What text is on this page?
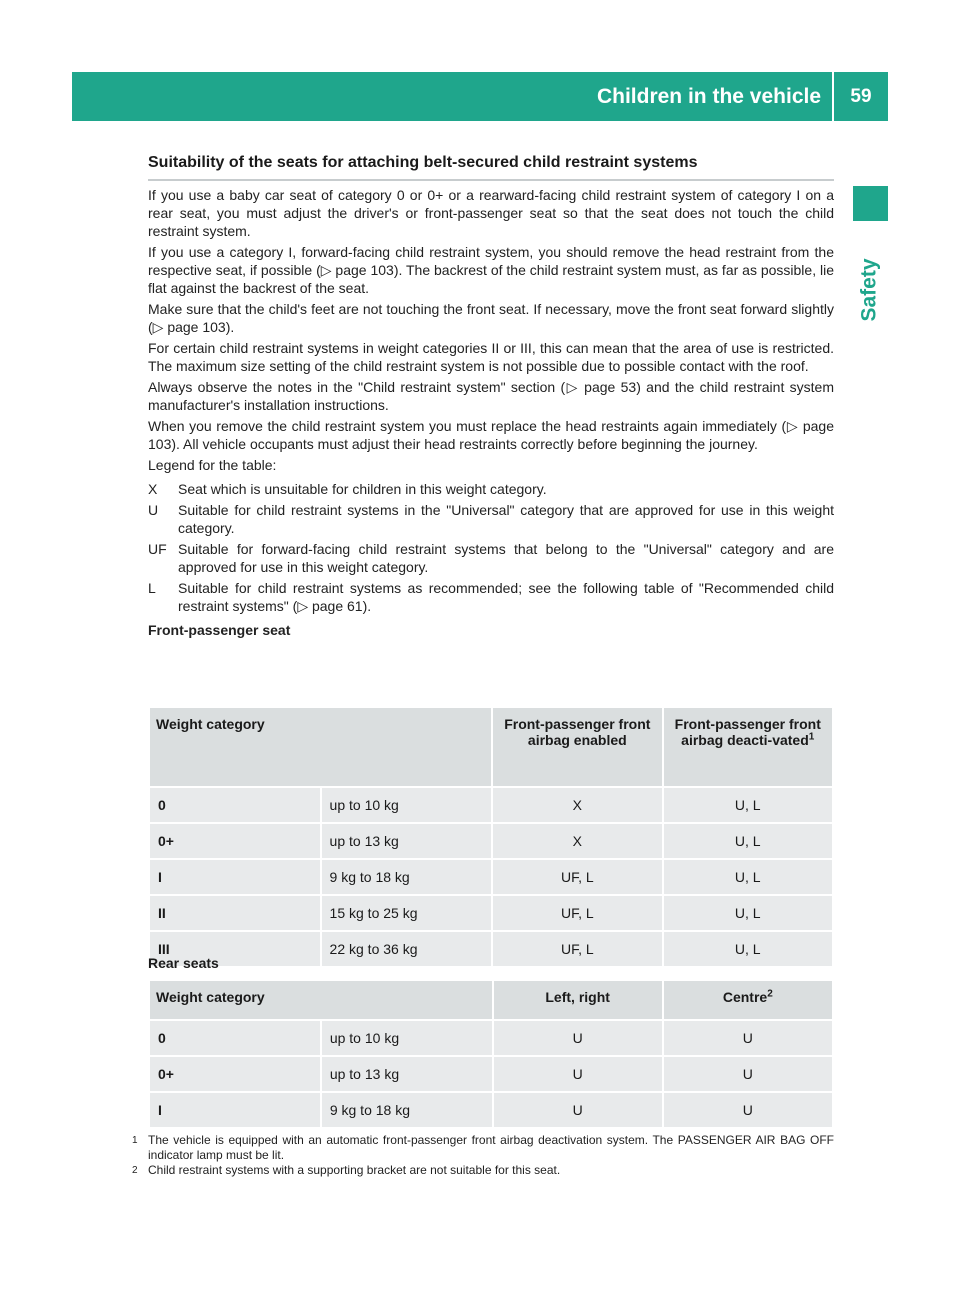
Children in the vehicle	59
Safety
Suitability of the seats for attaching belt-secured child restraint systems

If you use a baby car seat of category 0 or 0+ or a rearward-facing child restraint system of category I on a rear seat, you must adjust the driver's or front-passenger seat so that the seat does not touch the child restraint system.

If you use a category I, forward-facing child restraint system, you should remove the head restraint from the respective seat, if possible (▷ page 103). The backrest of the child restraint system must, as far as possible, lie flat against the backrest of the seat.

Make sure that the child's feet are not touching the front seat. If necessary, move the front seat forward slightly (▷ page 103).

For certain child restraint systems in weight categories II or III, this can mean that the area of use is restricted. The maximum size setting of the child restraint system is not possible due to possible contact with the roof.

Always observe the notes in the "Child restraint system" section (▷ page 53) and the child restraint system manufacturer's installation instructions.

When you remove the child restraint system you must replace the head restraints again immediately (▷ page 103). All vehicle occupants must adjust their head restraints correctly before beginning the journey.

Legend for the table:

X	Seat which is unsuitable for children in this weight category.
U	Suitable for child restraint systems in the "Universal" category that are approved for use in this weight category.
UF Suitable for forward-facing child restraint systems that belong to the "Universal" category and are approved for use in this weight category.
L	Suitable for child restraint systems as recommended; see the following table of "Recommended child restraint systems" (▷ page 61).

Front-passenger seat

Weight category		Front-passenger front airbag enabled	Front-passenger front airbag deacti-vated$^1$
0	up to 10 kg	X	U, L
0+	up to 13 kg	X	U, L
I	9 kg to 18 kg	UF, L	U, L
II	15 kg to 25 kg	UF, L	U, L
III	22 kg to 36 kg	UF, L	U, L
Rear seats
Weight category		Left, right	Centre$^2$
0	up to 10 kg	U	U
0+	up to 13 kg	U	U
I	9 kg to 18 kg	U	U
1 The vehicle is equipped with an automatic front-passenger front airbag deactivation system. The PASSENGER AIR BAG OFF indicator lamp must be lit.
2 Child restraint systems with a supporting bracket are not suitable for this seat.
